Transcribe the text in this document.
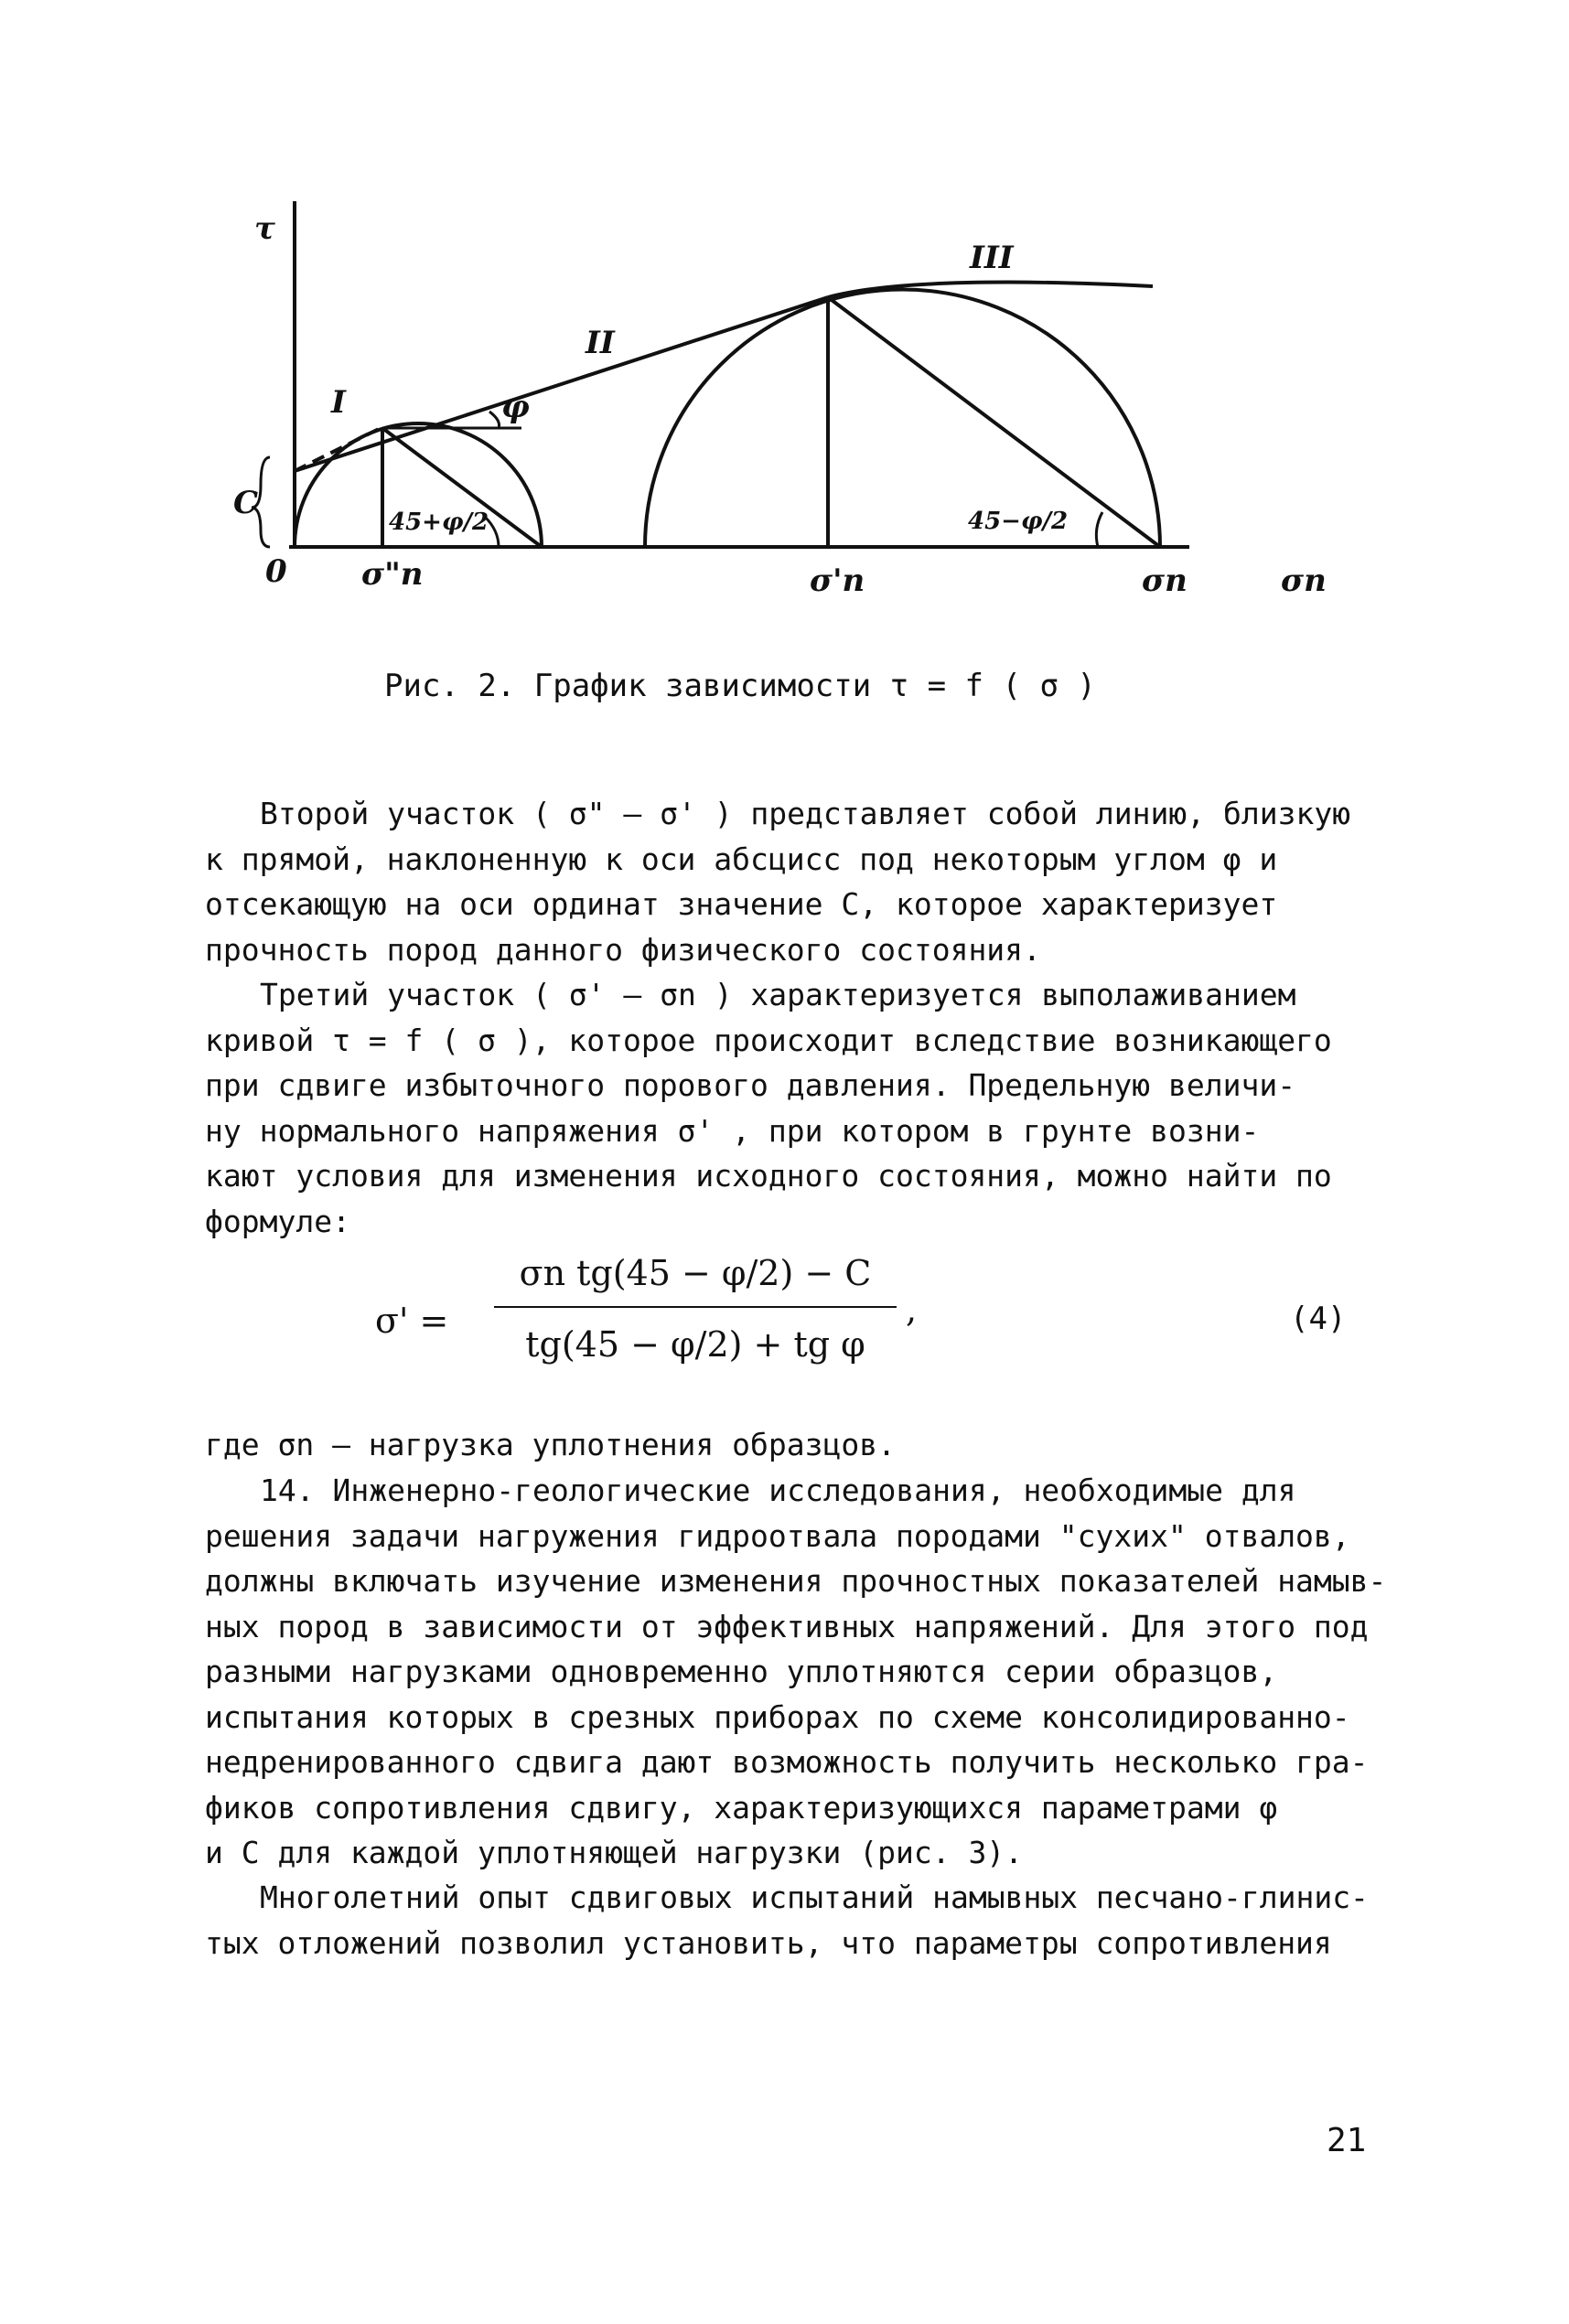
τ
C
I
II
III
φ
45+φ/2	45−φ/2
0 σ"n	σ'n	σn	σn
Рис. 2. График зависимости τ = f ( σ )
Второй участок ( σ" – σ' ) представляет собой линию, близкую
к прямой, наклоненную к оси абсцисс под некоторым углом φ и
отсекающую на оси ординат значение С, которое характеризует
прочность пород данного физического состояния.
Третий участок ( σ' – σn ) характеризуется выполаживанием
кривой τ = f ( σ ), которое происходит вследствие возникающего
при сдвиге избыточного порового давления. Предельную величи-
ну нормального напряжения σ' , при котором в грунте возни-
кают условия для изменения исходного состояния, можно найти по
формуле:
σ' =
σn tg(45 − φ/2) − C
tg(45 − φ/2) + tg φ
,	(4)
где σn – нагрузка уплотнения образцов.
14. Инженерно-геологические исследования, необходимые для
решения задачи нагружения гидроотвала породами "сухих" отвалов,
должны включать изучение изменения прочностных показателей намыв-
ных пород в зависимости от эффективных напряжений. Для этого под
разными нагрузками одновременно уплотняются серии образцов,
испытания которых в срезных приборах по схеме консолидированно-
недренированного сдвига дают возможность получить несколько гра-
фиков сопротивления сдвигу, характеризующихся параметрами φ
и С для каждой уплотняющей нагрузки (рис. 3).
Многолетний опыт сдвиговых испытаний намывных песчано-глинис-
тых отложений позволил установить, что параметры сопротивления
21
